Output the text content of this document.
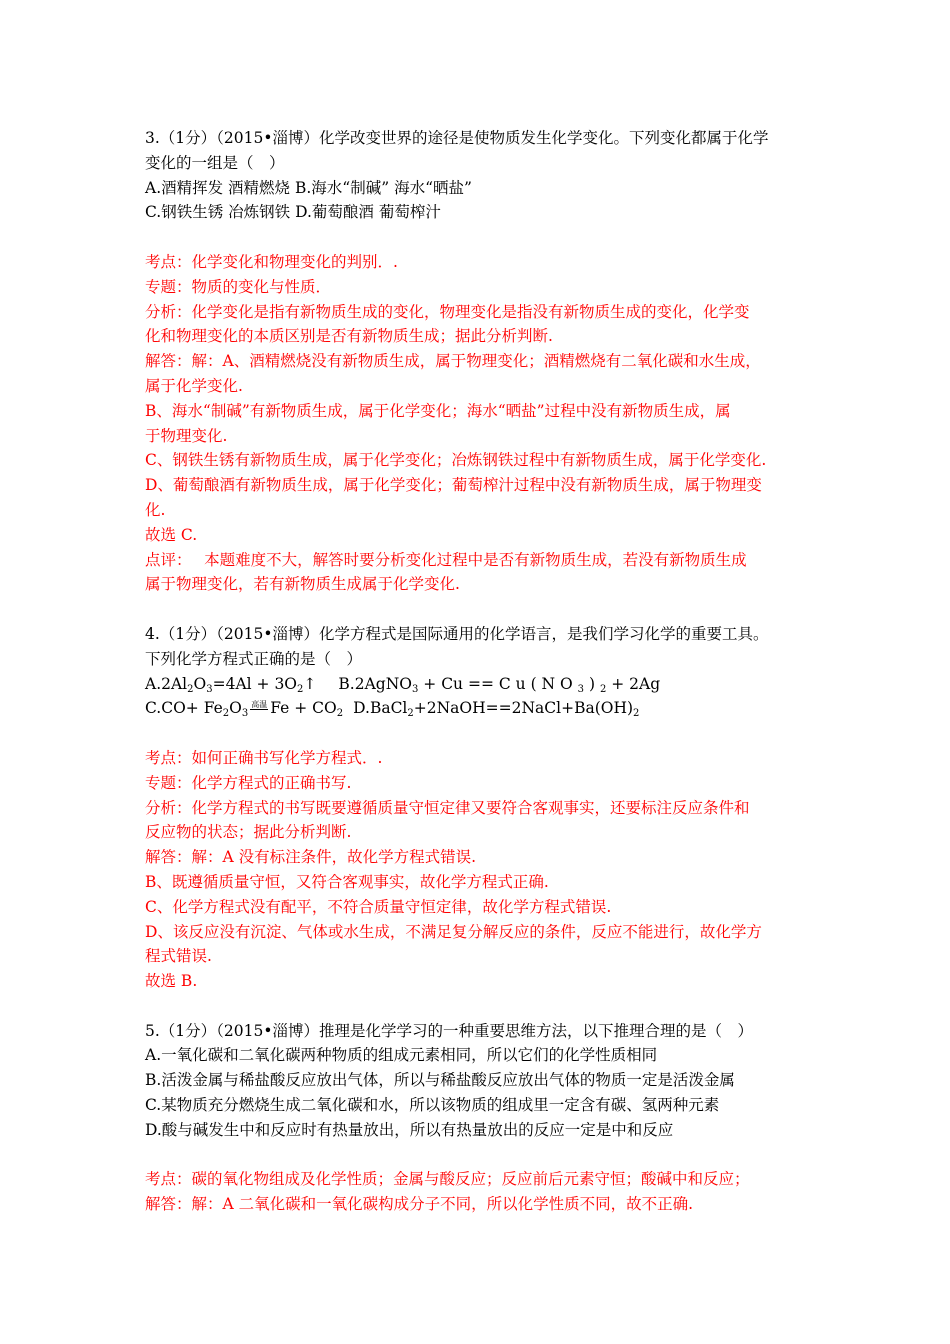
3.（1分）（2015•淄博）化学改变世界的途径是使物质发生化学变化。下列变化都属于化学
变化的一组是（　）
A.酒精挥发 酒精燃烧 B.海水“制碱” 海水“晒盐”
C.钢铁生锈 冶炼钢铁 D.葡萄酿酒 葡萄榨汁
考点：化学变化和物理变化的判别．.
专题：物质的变化与性质．
分析：化学变化是指有新物质生成的变化，物理变化是指没有新物质生成的变化，化学变
化和物理变化的本质区别是否有新物质生成；据此分析判断.
解答：解：A、酒精燃烧没有新物质生成，属于物理变化；酒精燃烧有二氧化碳和水生成，
属于化学变化.
B、海水“制碱”有新物质生成，属于化学变化；海水“晒盐”过程中没有新物质生成，属
于物理变化.
C、钢铁生锈有新物质生成，属于化学变化；冶炼钢铁过程中有新物质生成，属于化学变化.
D、葡萄酿酒有新物质生成，属于化学变化；葡萄榨汁过程中没有新物质生成，属于物理变
化.
故选 C.
点评：　 本题难度不大，解答时要分析变化过程中是否有新物质生成，若没有新物质生成
属于物理变化，若有新物质生成属于化学变化.
4.（1分）（2015•淄博）化学方程式是国际通用的化学语言，是我们学习化学的重要工具。
下列化学方程式正确的是（　）
$A.2Al_2O_3=4Al$ + $3O_2↑$ B.2AgNO$_3$ + Cu == C u ( N O $_3$ ) $_2$ + 2Ag
$C.CO+ Fe_2O_3$高温 $Fe + CO_2$ $D.BaCl_2+2NaOH==2NaCl+Ba(OH)_2$
考点：如何正确书写化学方程式．.
专题：化学方程式的正确书写.
分析：化学方程式的书写既要遵循质量守恒定律又要符合客观事实，还要标注反应条件和
反应物的状态；据此分析判断.
解答：解：A 没有标注条件，故化学方程式错误.
B、既遵循质量守恒，又符合客观事实，故化学方程式正确.
C、化学方程式没有配平，不符合质量守恒定律，故化学方程式错误.
D、该反应没有沉淀、气体或水生成，不满足复分解反应的条件，反应不能进行，故化学方
程式错误.
故选 B.
5.（1分）（2015•淄博）推理是化学学习的一种重要思维方法，以下推理合理的是（　）
A.一氧化碳和二氧化碳两种物质的组成元素相同，所以它们的化学性质相同
B.活泼金属与稀盐酸反应放出气体，所以与稀盐酸反应放出气体的物质一定是活泼金属
C.某物质充分燃烧生成二氧化碳和水，所以该物质的组成里一定含有碳、氢两种元素
D.酸与碱发生中和反应时有热量放出，所以有热量放出的反应一定是中和反应
考点：碳的氧化物组成及化学性质；金属与酸反应；反应前后元素守恒；酸碱中和反应；
解答：解：A 二氧化碳和一氧化碳构成分子不同，所以化学性质不同，故不正确.
